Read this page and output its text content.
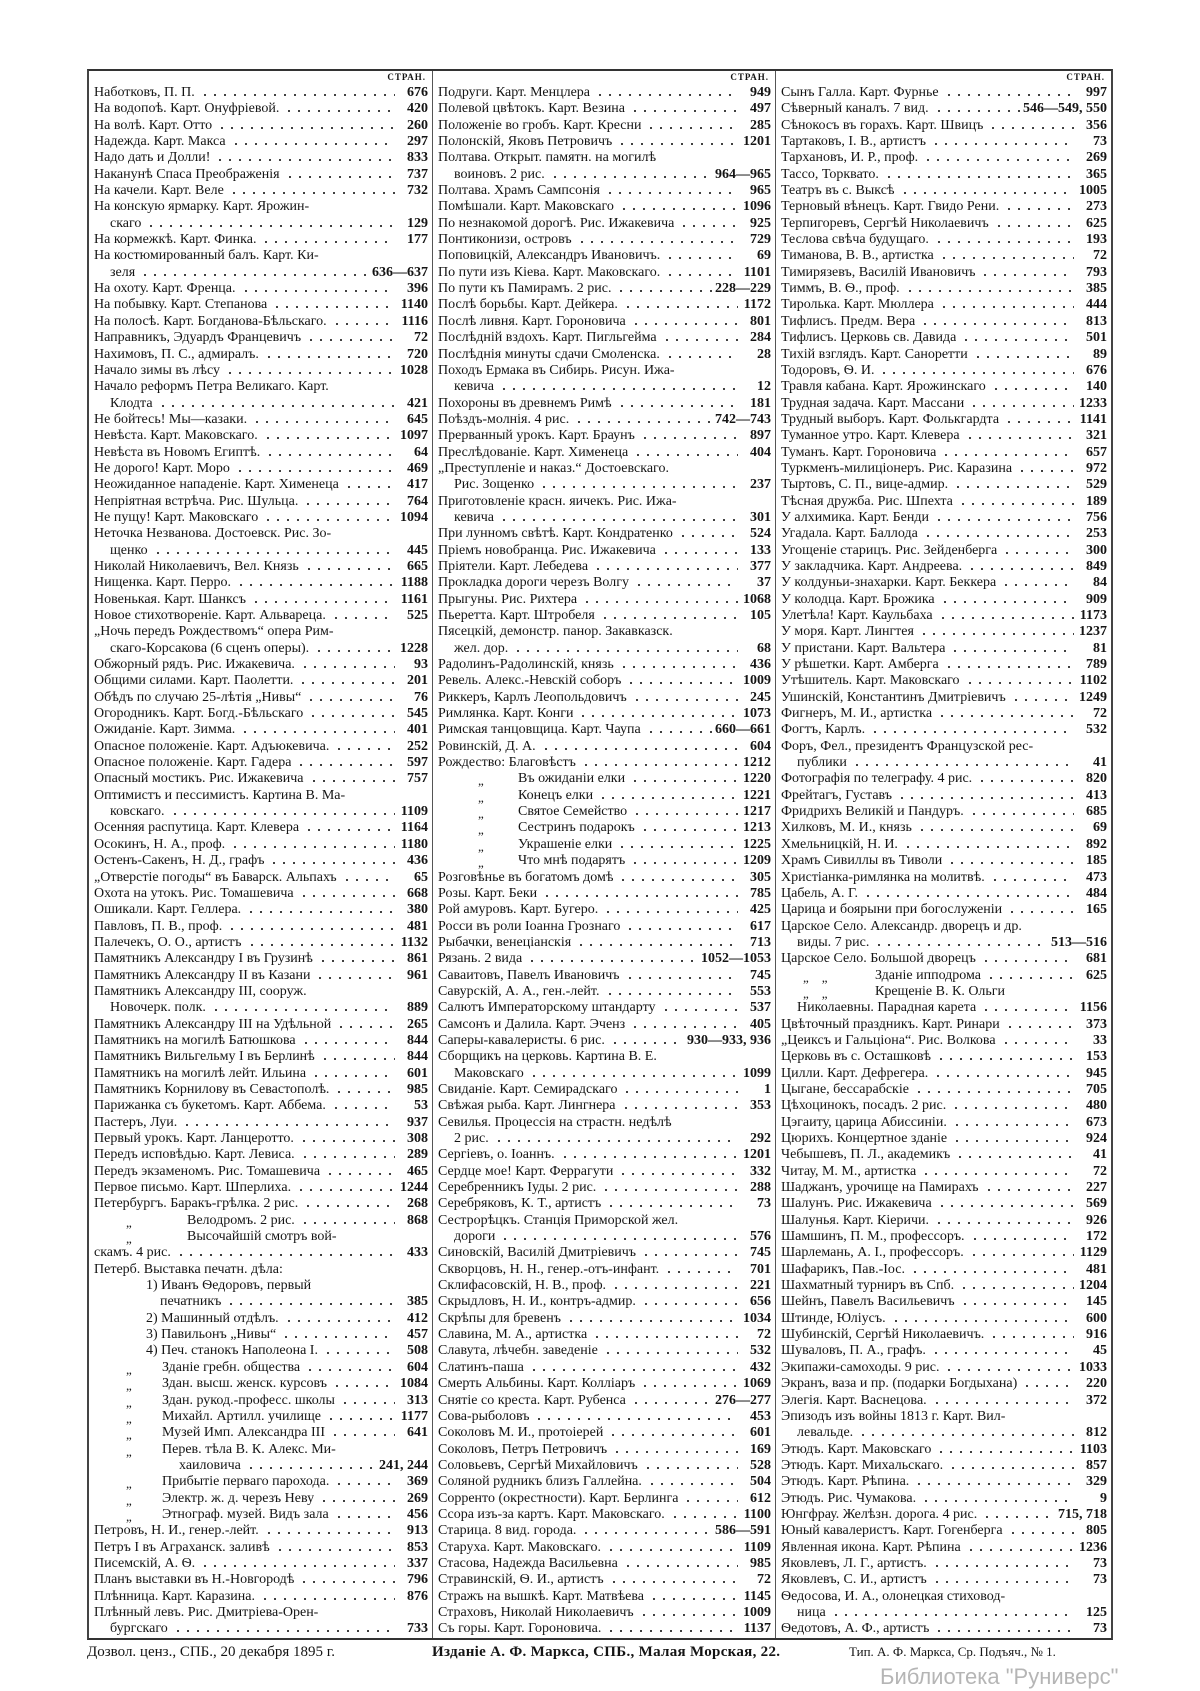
СТРАН.
Наботковъ, П. П.	676
На водопоѣ. Карт. Онуфріевой.	420
На волѣ. Карт. Отто	260
Надежда. Карт. Макса	297
Надо дать и Долли!	833
Наканунѣ Спаса Преображенія	737
На качели. Карт. Веле	732
На конскую ярмарку. Карт. Ярожин-
скаго	129
На кормежкѣ. Карт. Финка.	177
На костюмированный балъ. Карт. Ки-
зеля	636—637
На охоту. Карт. Френца.	396
На побывку. Карт. Степанова	1140
На полосѣ. Карт. Богданова-Бѣльскаго.	1116
Направникъ, Эдуардъ Францевичъ	72
Нахимовъ, П. С., адмиралъ.	720
Начало зимы въ лѣсу	1028
Начало реформъ Петра Великаго. Карт.
Клодта	421
Не бойтесь! Мы—казаки.	645
Невѣста. Карт. Маковскаго.	1097
Невѣста въ Новомъ Египтѣ.	64
Не дорого! Карт. Моро	469
Неожиданное нападеніе. Карт. Хименеца	417
Непріятная встрѣча. Рис. Шульца.	764
Не пущу! Карт. Маковскаго	1094
Неточка Незванова. Достоевск. Рис. Зо-
щенко	445
Николай Николаевичъ, Вел. Князь	665
Нищенка. Карт. Перро.	1188
Новенькая. Карт. Шанксъ	1161
Новое стихотвореніе. Карт. Альвареца.	525
„Ночь передъ Рождествомъ“ опера Рим-
скаго-Корсакова (6 сценъ оперы).	1228
Обжорный рядъ. Рис. Ижакевича.	93
Общими силами. Карт. Паолетти.	201
Обѣдъ по случаю 25-лѣтія „Нивы“	76
Огородникъ. Карт. Богд.-Бѣльскаго	545
Ожиданіе. Карт. Зимма.	401
Опасное положеніе. Карт. Адъюкевича.	252
Опасное положеніе. Карт. Гадера	597
Опасный мостикъ. Рис. Ижакевича	757
Оптимистъ и пессимистъ. Картина В. Ма-
ковскаго.	1109
Осенняя распутица. Карт. Клевера	1164
Осокинъ, Н. А., проф.	1180
Остенъ-Сакенъ, Н. Д., графъ	436
„Отверстіе погоды“ въ Баварск. Альпахъ	65
Охота на утокъ. Рис. Томашевича	668
Ошикали. Карт. Геллера.	380
Павловъ, П. В., проф.	481
Палечекъ, О. О., артистъ	1132
Памятникъ Александру I въ Грузинѣ	861
Памятникъ Александру II въ Казани	961
Памятникъ Александру III, сооруж.
Новочерк. полк.	889
Памятникъ Александру III на Удѣльной	265
Памятникъ на могилѣ Батюшкова	844
Памятникъ Вильгельму I въ Берлинѣ	844
Памятникъ на могилѣ лейт. Ильина	601
Памятникъ Корнилову въ Севастополѣ.	985
Парижанка съ букетомъ. Карт. Аббема.	53
Пастеръ, Луи.	937
Первый урокъ. Карт. Ланцеротто.	308
Передъ исповѣдью. Карт. Левиса.	289
Передъ экзаменомъ. Рис. Томашевича	465
Первое письмо. Карт. Шперлиха.	1244
Петербургъ. Баракъ-грѣлка. 2 рис.	268
„	Велодромъ. 2 рис.	868
„	Высочайшій смотръ вой-
скамъ. 4 рис.	433
Петерб. Выставка печатн. дѣла:
1) Иванъ Ѳедоровъ, первый
печатникъ	385
2) Машинный отдѣлъ.	412
3) Павильонъ „Нивы“	457
4) Печ. станокъ Наполеона I.	508
„ Зданіе гребн. общества	604
„ Здан. высш. женск. курсовъ	1084
„ Здан. рукод.-професс. школы	313
„ Михайл. Артилл. училище	1177
„ Музей Имп. Александра III	641
„ Перев. тѣла В. К. Алекс. Ми-
хаиловича	241, 244
„ Прибытіе перваго парохода.	369
„ Электр. ж. д. черезъ Неву	269
„ Этнограф. музей. Видъ зала	456
Петровъ, Н. И., генер.-лейт.	913
Петръ I въ Аграханск. заливѣ	853
Писемскій, А. Ѳ.	337
Планъ выставки въ Н.-Новгородѣ	796
Плѣнница. Карт. Каразина.	876
Плѣнный левъ. Рис. Дмитріева-Орен-
бургскаго	733
СТРАН.
Подруги. Карт. Менцлера	949
Полевой цвѣтокъ. Карт. Везина	497
Положеніе во гробъ. Карт. Кресни	285
Полонскій, Яковъ Петровичъ	1201
Полтава. Открыт. памятн. на могилѣ
воиновъ. 2 рис.	964—965
Полтава. Храмъ Сампсонія	965
Помѣшали. Карт. Маковскаго	1096
По незнакомой дорогѣ. Рис. Ижакевича	925
Понтиконизи, островъ	729
Поповицкій, Александръ Ивановичъ.	69
По пути изъ Кіева. Карт. Маковскаго.	1101
По пути къ Памирамъ. 2 рис.	228—229
Послѣ борьбы. Карт. Дейкера.	1172
Послѣ ливня. Карт. Гороновича	801
Послѣдній вздохъ. Карт. Пигльгейма	284
Послѣднія минуты сдачи Смоленска.	28
Походъ Ермака въ Сибирь. Рисун. Ижа-
кевича	12
Похороны въ древнемъ Римѣ	181
Поѣздъ-молнія. 4 рис.	742—743
Прерванный урокъ. Карт. Браунъ	897
Преслѣдованіе. Карт. Хименеца	404
„Преступленіе и наказ.“ Достоевскаго.
Рис. Зощенко	237
Приготовленіе красн. яичекъ. Рис. Ижа-
кевича	301
При лунномъ свѣтѣ. Карт. Кондратенко	524
Пріемъ новобранца. Рис. Ижакевича	133
Пріятели. Карт. Лебедева	377
Прокладка дороги черезъ Волгу	37
Прыгуны. Рис. Рихтера	1068
Пьеретта. Карт. Штробеля	105
Пясецкій, демонстр. панор. Закавказск.
жел. дор.	68
Радолинъ-Радолинскій, князь	436
Ревель. Алекс.-Невскій соборъ	1009
Риккеръ, Карлъ Леопольдовичъ	245
Римлянка. Карт. Конги	1073
Римская танцовщица. Карт. Чаупа	660—661
Ровинскій, Д. А.	604
Рождество: Благовѣстъ	1212
„ Въ ожиданіи елки	1220
„ Конецъ елки	1221
„ Святое Семейство	1217
„ Сестринъ подарокъ	1213
„ Украшеніе елки	1225
„ Что мнѣ подарятъ	1209
Розговѣнье въ богатомъ домѣ	305
Розы. Карт. Беки	785
Рой амуровъ. Карт. Бугеро.	425
Росси въ роли Іоанна Грознаго	617
Рыбачки, венеціанскія	713
Рязань. 2 вида	1052—1053
Саваитовъ, Павелъ Ивановичъ	745
Савурскій, А. А., ген.-лейт.	553
Салютъ Императорскому штандарту	537
Самсонъ и Далила. Карт. Эченз	405
Саперы-кавалеристы. 6 рис.	930—933, 936
Сборщикъ на церковь. Картина В. Е.
Маковскаго	1099
Свиданіе. Карт. Семирадскаго	1
Свѣжая рыба. Карт. Лингнера	353
Севилья. Процессія на страстн. недѣлѣ
2 рис.	292
Сергіевъ, о. Іоаннъ.	1201
Сердце мое! Карт. Феррагути	332
Серебренникъ Іуды. 2 рис.	288
Серебряковъ, К. Т., артистъ	73
Сестрорѣцкъ. Станція Приморской жел.
дороги	576
Синовскій, Василій Дмитріевичъ	745
Скворцовъ, Н. Н., генер.-отъ-инфант.	701
Склифасовскій, Н. В., проф.	221
Скрыдловъ, Н. И., контръ-адмир.	656
Скрѣпы для бревенъ	1034
Славина, М. А., артистка	72
Славута, лѣчебн. заведеніе	532
Слатинъ-паша	432
Смерть Альбины. Карт. Колліаръ	1069
Снятіе со креста. Карт. Рубенса	276—277
Сова-рыболовъ	453
Соколовъ М. И., протоіерей	601
Соколовъ, Петръ Петровичъ	169
Соловьевъ, Сергѣй Михайловичъ	528
Соляной рудникъ близъ Галлейна.	504
Сорренто (окрестности). Карт. Берлинга	612
Ссора изъ-за картъ. Карт. Маковскаго.	1100
Старица. 8 вид. города.	586—591
Старуха. Карт. Маковскаго.	1109
Стасова, Надежда Васильевна	985
Стравинскій, Ѳ. И., артистъ	72
Стражъ на вышкѣ. Карт. Матвѣева	1145
Страховъ, Николай Николаевичъ	1009
Съ горы. Карт. Гороновича.	1137
СТРАН.
Сынъ Галла. Карт. Фурнье	997
Сѣверный каналъ. 7 вид.	546—549, 550
Сѣнокосъ въ горахъ. Карт. Швицъ	356
Тартаковъ, I. В., артистъ	73
Тархановъ, И. Р., проф.	269
Тассо, Торквато.	365
Театръ въ с. Выксѣ	1005
Терновый вѣнецъ. Карт. Гвидо Рени.	273
Терпигоревъ, Сергѣй Николаевичъ	625
Теслова свѣча будущаго.	193
Тиманова, В. В., артистка	72
Тимирязевъ, Василій Ивановичъ	793
Тиммъ, В. Ѳ., проф.	385
Тиролька. Карт. Мюллера	444
Тифлисъ. Предм. Вера	813
Тифлисъ. Церковь св. Давида	501
Тихій взглядъ. Карт. Саноретти	89
Тодоровъ, Ѳ. И.	676
Травля кабана. Карт. Ярожинскаго	140
Трудная задача. Карт. Массани	1233
Трудный выборъ. Карт. Фолькгардта	1141
Туманное утро. Карт. Клевера	321
Туманъ. Карт. Гороновича	657
Туркменъ-милиціонеръ. Рис. Каразина	972
Тыртовъ, С. П., вице-адмир.	529
Тѣсная дружба. Рис. Шпехта	189
У алхимика. Карт. Бенди	756
Угадала. Карт. Баллода	253
Угощеніе старицъ. Рис. Зейденберга	300
У закладчика. Карт. Андреева.	849
У колдуньи-знахарки. Карт. Беккера	84
У колодца. Карт. Брожика	909
Улетѣла! Карт. Каульбаха	1173
У моря. Карт. Лингтея	1237
У пристани. Карт. Вальтера	81
У рѣшетки. Карт. Амберга	789
Утѣшитель. Карт. Маковскаго	1102
Ушинскій, Константинъ Дмитріевичъ	1249
Фигнеръ, М. И., артистка	72
Фогтъ, Карлъ.	532
Форъ, Фел., президентъ Французской рес-
публики	41
Фотографія по телеграфу. 4 рис.	820
Фрейтагъ, Густавъ	413
Фридрихъ Великій и Пандуръ.	685
Хилковъ, М. И., князь	69
Хмельницкій, Н. И.	892
Храмъ Сивиллы въ Тиволи	185
Христіанка-римлянка на молитвѣ.	473
Цабель, А. Г.	484
Царица и боярыни при богослуженіи	165
Царское Село. Александр. дворецъ и др.
виды. 7 рис.	513—516
Царское Село. Большой дворецъ	681
„    „	Зданіе ипподрома	625
„    „	Крещеніе В. К. Ольги
Николаевны. Парадная карета	1156
Цвѣточный праздникъ. Карт. Ринари	373
„Цеиксъ и Гальціона“. Рис. Волкова	33
Церковь въ с. Осташковѣ	153
Цилли. Карт. Дефрегера.	945
Цыгане, бессарабскіе	705
Цѣхоцинокъ, посадъ. 2 рис.	480
Цэгаиту, царица Абиссиніи.	673
Цюрихъ. Концертное зданіе	924
Чебышевъ, П. Л., академикъ	41
Читау, М. М., артистка	72
Шаджанъ, урочище на Памирахъ	227
Шалунъ. Рис. Ижакевича	569
Шалунья. Карт. Кіеричи.	926
Шамшинъ, П. М., профессоръ.	172
Шарлемань, А. I., профессоръ.	1129
Шафарикъ, Пав.-Іос.	481
Шахматный турниръ въ Спб.	1204
Шейнъ, Павелъ Васильевичъ	145
Штинде, Юліусъ.	600
Шубинскій, Сергѣй Николаевичъ.	916
Шуваловъ, П. А., графъ.	45
Экипажи-самоходы. 9 рис.	1033
Экранъ, ваза и пр. (подарки Богдыхана)	220
Элегія. Карт. Васнецова.	372
Эпизодъ изъ войны 1813 г. Карт. Вил-
левальде.	812
Этюдъ. Карт. Маковскаго	1103
Этюдъ. Карт. Михальскаго.	857
Этюдъ. Карт. Рѣпина.	329
Этюдъ. Рис. Чумакова.	9
Юнгфрау. Желѣзн. дорога. 4 рис.	715, 718
Юный кавалеристъ. Карт. Гогенберга	805
Явленная икона. Карт. Рѣпина	1236
Яковлевъ, Л. Г., артистъ.	73
Яковлевъ, С. И., артистъ	73
Ѳедосова, И. А., олонецкая стиховод-
ница	125
Ѳедотовъ, А. Ф., артистъ	73
Дозвол. ценз., СПБ., 20 декабря 1895 г.	Изданіе А. Ф. Маркса, СПБ., Малая Морская, 22.	Тип. А. Ф. Маркса, Ср. Подъяч., № 1.
Библиотека "Руниверс"
